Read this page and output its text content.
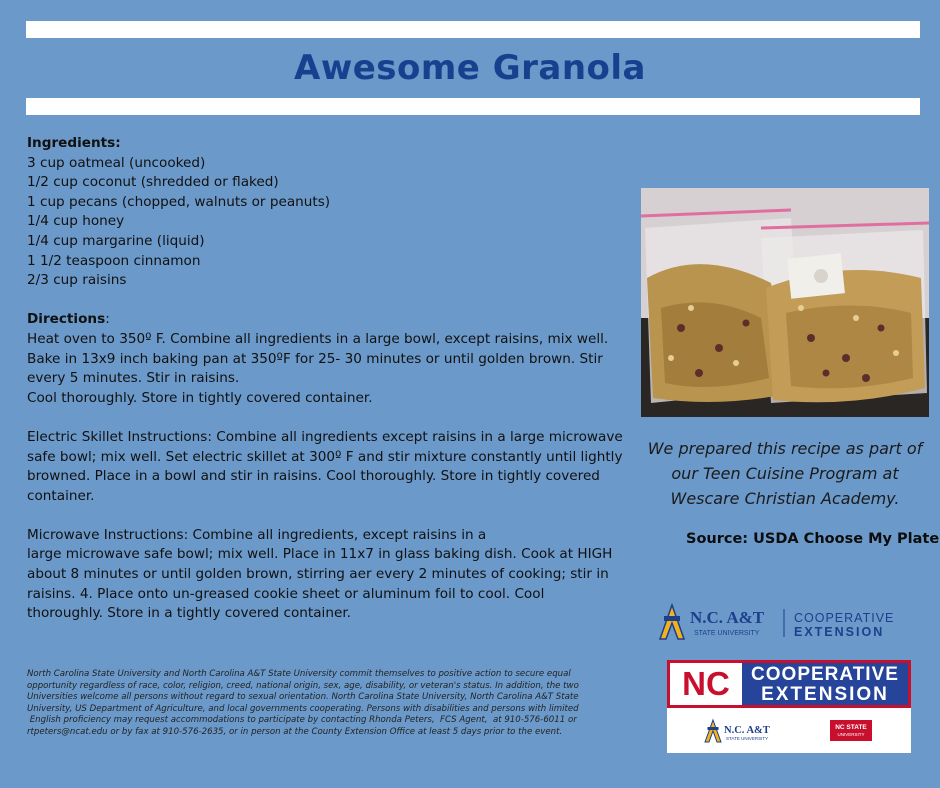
Awesome Granola

Ingredients:

3 cup oatmeal (uncooked)

1/2 cup coconut (shredded or flaked)

1 cup pecans (chopped, walnuts or peanuts)

1/4 cup honey

1/4 cup margarine (liquid)

1 1/2 teaspoon cinnamon

2/3 cup raisins

Directions:

Heat oven to 350º F. Combine all ingredients in a large bowl, except raisins, mix well.

Bake in 13x9 inch baking pan at 350ºF for 25- 30 minutes or until golden brown. Stir

every 5 minutes. Stir in raisins.

Cool thoroughly. Store in tightly covered container.

Electric Skillet Instructions: Combine all ingredients except raisins in a large microwave

safe bowl; mix well. Set electric skillet at 300º F and stir mixture constantly until lightly

browned. Place in a bowl and stir in raisins. Cool thoroughly. Store in tightly covered

container.

Microwave Instructions: Combine all ingredients, except raisins in a

large microwave safe bowl; mix well. Place in 11x7 in glass baking dish. Cook at HIGH

about 8 minutes or until golden brown, stirring aer every 2 minutes of cooking; stir in

raisins. 4. Place onto un-greased cookie sheet or aluminum foil to cool. Cool

thoroughly. Store in a tightly covered container.

We prepared this recipe as part of
our Teen Cuisine Program at
Wescare Christian Academy.
Source: USDA Choose My Plate
N.C. A&T
STATE UNIVERSITY
COOPERATIVE
EXTENSION
NC	COOPERATIVE
EXTENSION
N.C. A&T
STATE UNIVERSITY
NC STATE
UNIVERSITY
North Carolina State University and North Carolina A&T State University commit themselves to positive action to secure equal
opportunity regardless of race, color, religion, creed, national origin, sex, age, disability, or veteran's status. In addition, the two
Universities welcome all persons without regard to sexual orientation. North Carolina State University, North Carolina A&T State
University, US Department of Agriculture, and local governments cooperating. Persons with disabilities and persons with limited
English proficiency may request accommodations to participate by contacting Rhonda Peters,  FCS Agent,  at 910-576-6011 or
rtpeters@ncat.edu or by fax at 910-576-2635, or in person at the County Extension Office at least 5 days prior to the event.
